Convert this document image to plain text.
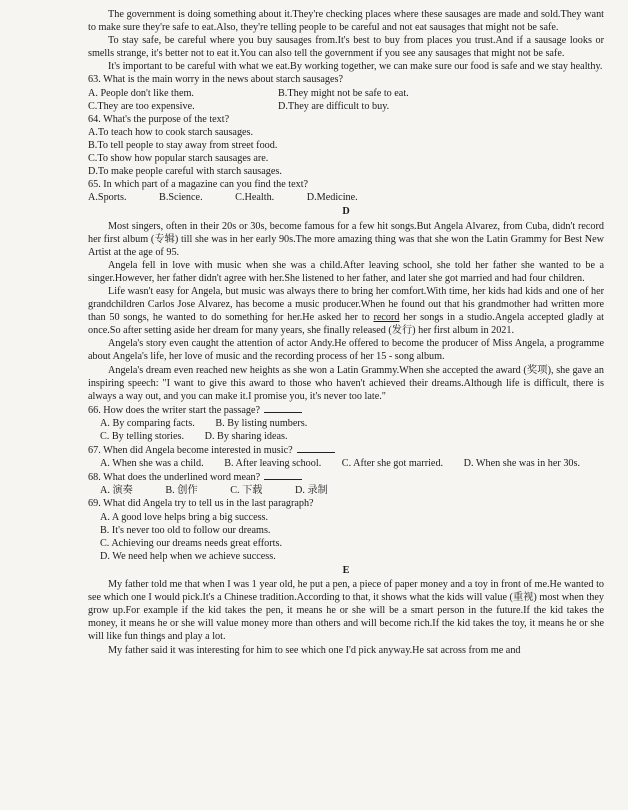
The government is doing something about it.They're checking places where these sausages are made and sold.They want to make sure they're safe to eat.Also, they're telling people to be careful and not eat sausages that might not be safe.

To stay safe, be careful where you buy sausages from.It's best to buy from places you trust.And if a sausage looks or smells strange, it's better not to eat it.You can also tell the government if you see any sausages that might not be safe.

It's important to be careful with what we eat.By working together, we can make sure our food is safe and we stay healthy.

63. What is the main worry in the news about starch sausages?

A. People don't like them.	B.They might not be safe to eat.
C.They are too expensive.	D.They are difficult to buy.

64. What's the purpose of the text?

A.To teach how to cook starch sausages.

B.To tell people to stay away from street food.

C.To show how popular starch sausages are.

D.To make people careful with starch sausages.

65. In which part of a magazine can you find the text?

A.Sports.	B.Science.	C.Health.	D.Medicine.
D

Most singers, often in their 20s or 30s, become famous for a few hit songs.But Angela Alvarez, from Cuba, didn't record her first album (专辑) till she was in her early 90s.The more amazing thing was that she won the Latin Grammy for Best New Artist at the age of 95.

Angela fell in love with music when she was a child.After leaving school, she told her father she wanted to be a singer.However, her father didn't agree with her.She listened to her father, and later she got married and had four children.

Life wasn't easy for Angela, but music was always there to bring her comfort.With time, her kids had kids and one of her grandchildren Carlos Jose Alvarez, has become a music producer.When he found out that his grandmother had written more than 50 songs, he wanted to do something for her.He asked her to record her songs in a studio.Angela accepted gladly at once.So after setting aside her dream for many years, she finally released (发行) her first album in 2021.

Angela's story even caught the attention of actor Andy.He offered to become the producer of Miss Angela, a programme about Angela's life, her love of music and the recording process of her 15 - song album.

Angela's dream even reached new heights as she won a Latin Grammy.When she accepted the award (奖项), she gave an inspiring speech: "I want to give this award to those who haven't achieved their dreams.Although life is difficult, there is always a way out, and you can make it.I promise you, it's never too late."

66. How does the writer start the passage?

A. By comparing facts. B. By listing numbers.
C. By telling stories. D. By sharing ideas.

67. When did Angela become interested in music?

A. When she was a child. B. After leaving school. C. After she got married. D. When she was in her 30s.

68. What does the underlined word mean?

A. 演奏	B. 创作	C. 下载	D. 录制

69. What did Angela try to tell us in the last paragraph?

A. A good love helps bring a big success.

B. It's never too old to follow our dreams.

C. Achieving our dreams needs great efforts.

D. We need help when we achieve success.

E

My father told me that when I was 1 year old, he put a pen, a piece of paper money and a toy in front of me.He wanted to see which one I would pick.It's a Chinese tradition.According to that, it shows what the kids will value (重视) most when they grow up.For example if the kid takes the pen, it means he or she will be a smart person in the future.If the kid takes the money, it means he or she will value money more than others and will become rich.If the kid takes the toy, it means he or she will like fun things and play a lot.

My father said it was interesting for him to see which one I'd pick anyway.He sat across from me and
